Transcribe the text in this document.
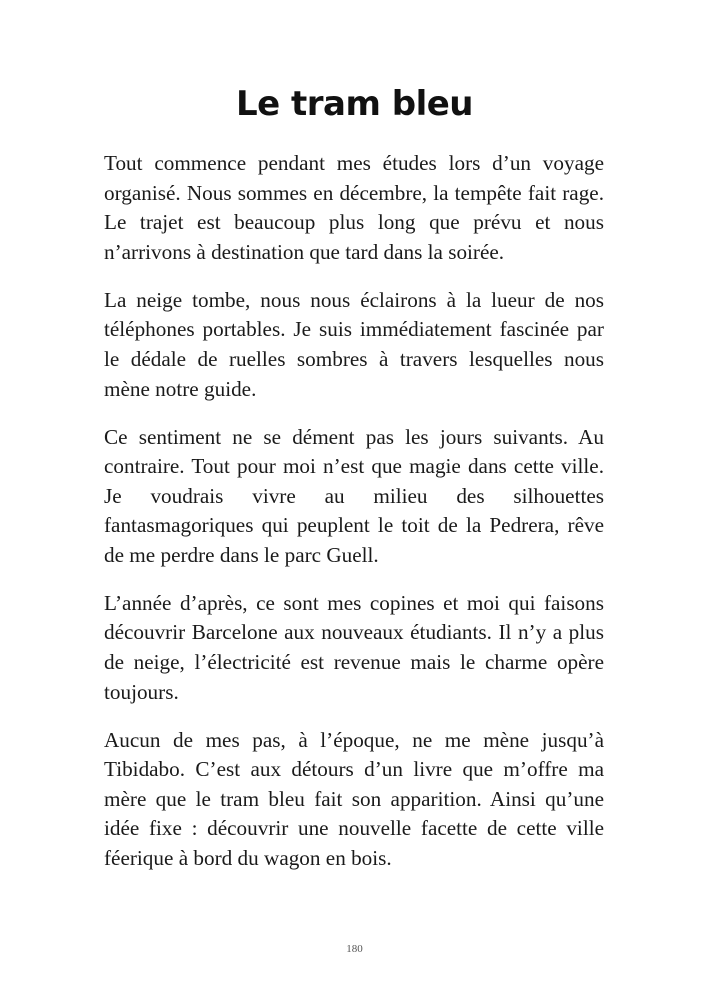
Le tram bleu

Tout commence pendant mes études lors d’un voyage organisé. Nous sommes en décembre, la tempête fait rage. Le trajet est beaucoup plus long que prévu et nous n’arrivons à destination que tard dans la soirée.

La neige tombe, nous nous éclairons à la lueur de nos téléphones portables. Je suis immédiatement fascinée par le dédale de ruelles sombres à travers lesquelles nous mène notre guide.

Ce sentiment ne se dément pas les jours suivants. Au contraire. Tout pour moi n’est que magie dans cette ville. Je voudrais vivre au milieu des silhouettes fantasmagoriques qui peuplent le toit de la Pedrera, rêve de me perdre dans le parc Guell.

L’année d’après, ce sont mes copines et moi qui faisons découvrir Barcelone aux nouveaux étudiants. Il n’y a plus de neige, l’électricité est revenue mais le charme opère toujours.

Aucun de mes pas, à l’époque, ne me mène jusqu’à Tibidabo. C’est aux détours d’un livre que m’offre ma mère que le tram bleu fait son apparition. Ainsi qu’une idée fixe : découvrir une nouvelle facette de cette ville féerique à bord du wagon en bois.

180
